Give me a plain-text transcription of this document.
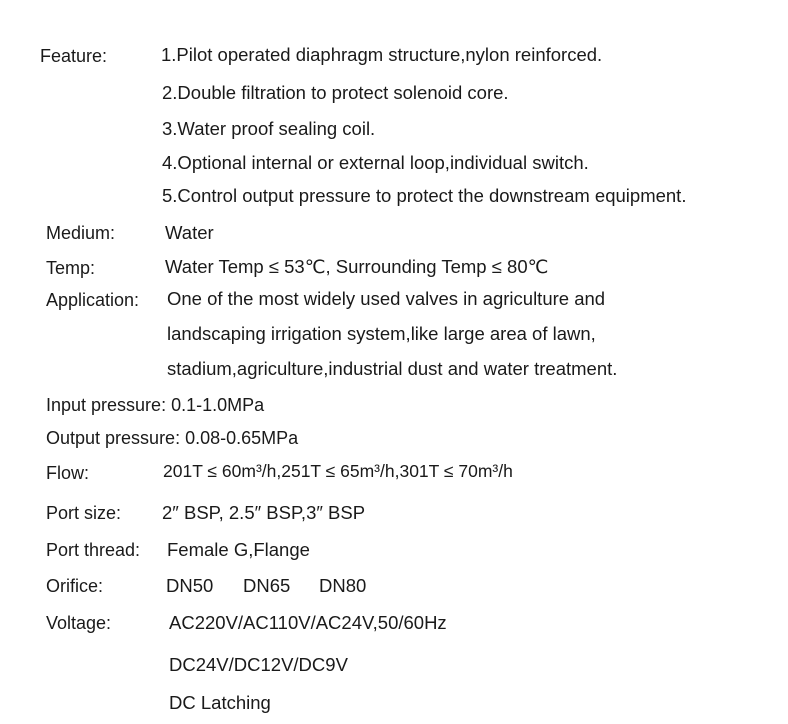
Feature:	1.Pilot operated diaphragm structure,nylon reinforced.
2.Double filtration to protect solenoid core.
3.Water proof sealing coil.
4.Optional internal or external loop,individual switch.
5.Control output pressure to protect the downstream equipment.
Medium:	Water
Temp:	Water Temp ≤ 53℃, Surrounding Temp ≤ 80℃
Application: One of the most widely used valves in agriculture and
landscaping irrigation system,like large area of lawn,
stadium,agriculture,industrial dust and water treatment.
Input pressure: 0.1-1.0MPa
Output pressure: 0.08-0.65MPa
Flow:	201T ≤ 60m³/h,251T ≤ 65m³/h,301T ≤ 70m³/h
Port size: 2″ BSP, 2.5″ BSP,3″ BSP
Port thread: Female G,Flange
Orifice:	DN50 DN65 DN80
Voltage:	AC220V/AC110V/AC24V,50/60Hz
DC24V/DC12V/DC9V
DC Latching
